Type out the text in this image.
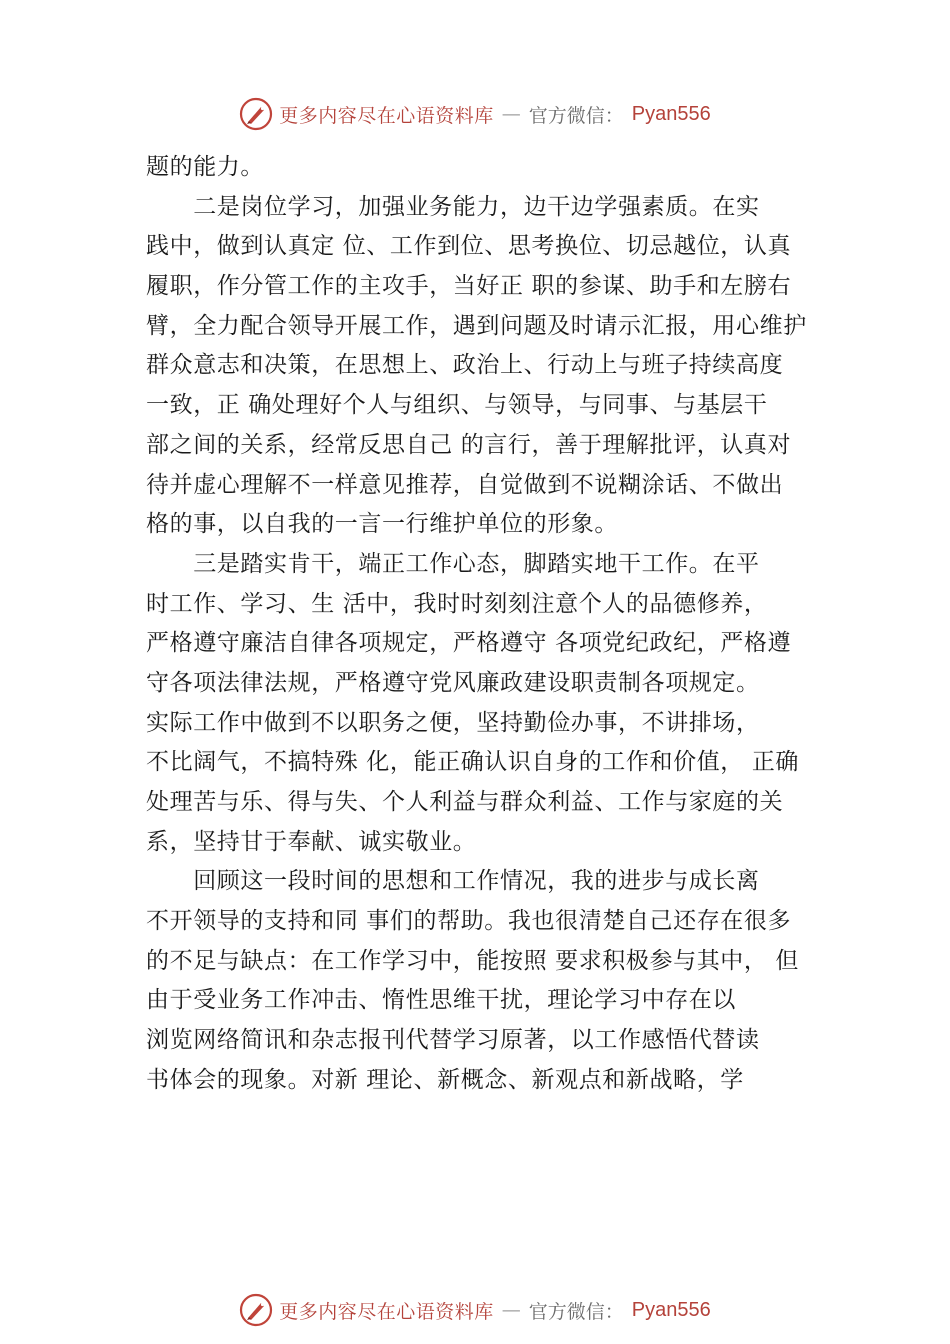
更多内容尽在心语资料库 — 官方微信： Pyan556
题的能力。
　　二是岗位学习，加强业务能力，边干边学强素质。在实
践中，做到认真定 位、工作到位、思考换位、切忌越位，认真
履职，作分管工作的主攻手，当好正 职的参谋、助手和左膀右
臂，全力配合领导开展工作，遇到问题及时请示汇报，用心维护
群众意志和决策，在思想上、政治上、行动上与班子持续高度
一致，正 确处理好个人与组织、与领导，与同事、与基层干
部之间的关系，经常反思自己 的言行，善于理解批评，认真对
待并虚心理解不一样意见推荐，自觉做到不说糊涂话、不做出
格的事，以自我的一言一行维护单位的形象。
　　三是踏实肯干，端正工作心态，脚踏实地干工作。在平
时工作、学习、生 活中，我时时刻刻注意个人的品德修养，
严格遵守廉洁自律各项规定，严格遵守 各项党纪政纪，严格遵
守各项法律法规，严格遵守党风廉政建设职责制各项规定。
实际工作中做到不以职务之便，坚持勤俭办事，不讲排场，
不比阔气，不搞特殊 化，能正确认识自身的工作和价值， 正确
处理苦与乐、得与失、个人利益与群众利益、工作与家庭的关
系，坚持甘于奉献、诚实敬业。
　　回顾这一段时间的思想和工作情况，我的进步与成长离
不开领导的支持和同 事们的帮助。我也很清楚自己还存在很多
的不足与缺点：在工作学习中，能按照 要求积极参与其中， 但
由于受业务工作冲击、惰性思维干扰，理论学习中存在以
浏览网络简讯和杂志报刊代替学习原著，以工作感悟代替读
书体会的现象。对新 理论、新概念、新观点和新战略，学
更多内容尽在心语资料库 — 官方微信： Pyan556
